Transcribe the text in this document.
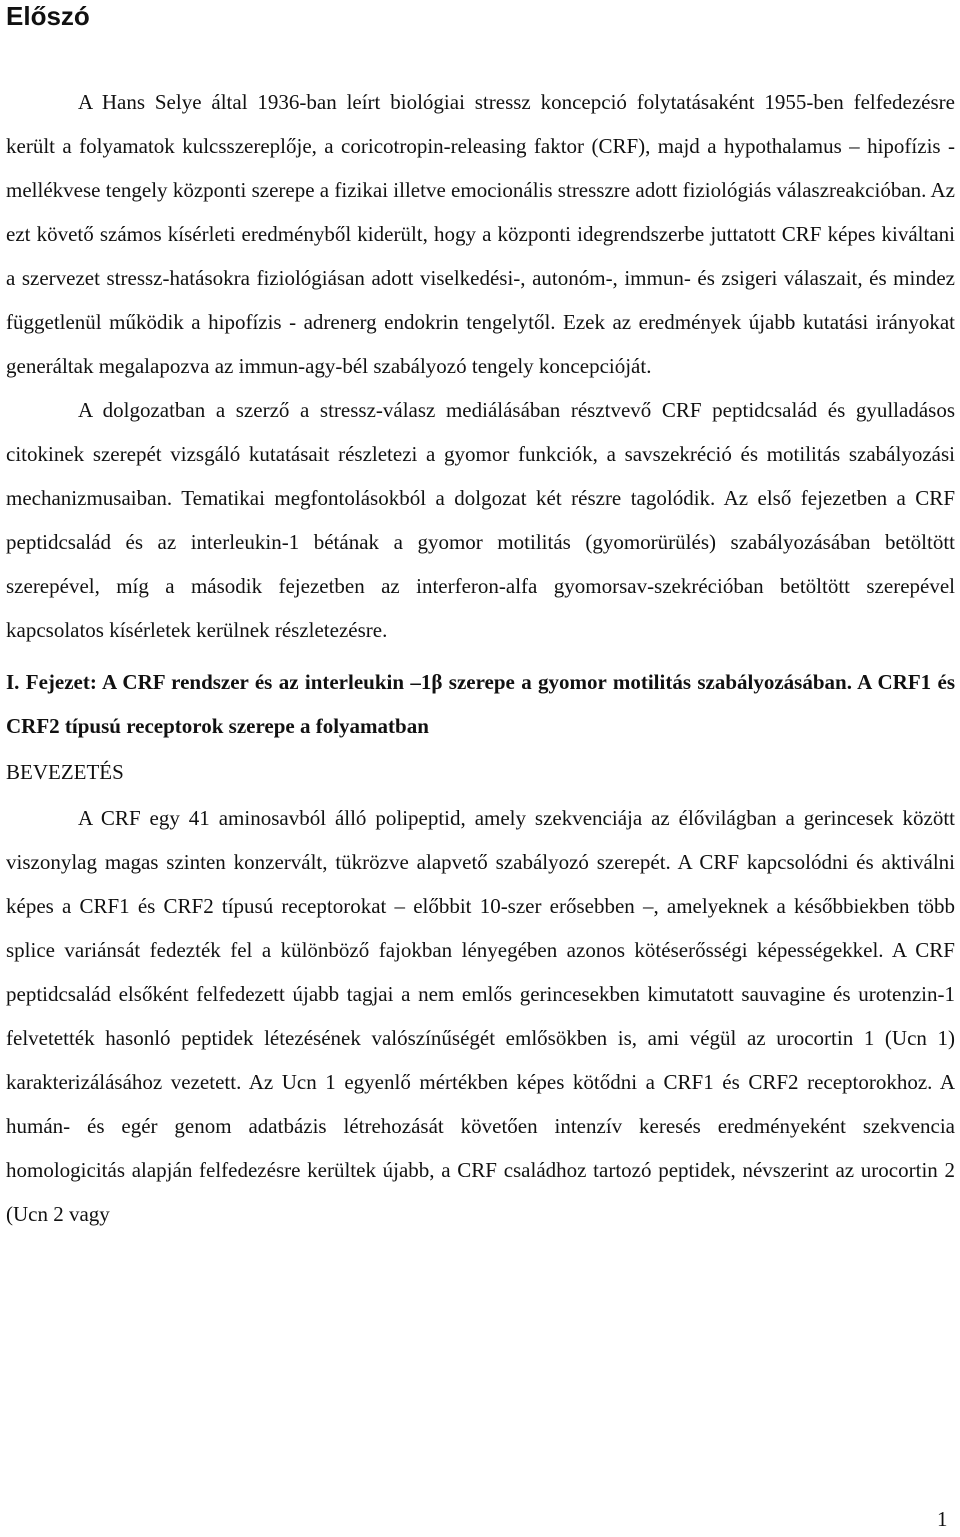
Előszó

A Hans Selye által 1936-ban leírt biológiai stressz koncepció folytatásaként 1955-ben felfedezésre került a folyamatok kulcsszereplője, a coricotropin-releasing faktor (CRF), majd a hypothalamus – hipofízis - mellékvese tengely központi szerepe a fizikai illetve emocionális stresszre adott fiziológiás válaszreakcióban. Az ezt követő számos kísérleti eredményből kiderült, hogy a központi idegrendszerbe juttatott CRF képes kiváltani a szervezet stressz-hatásokra fiziológiásan adott viselkedési-, autonóm-, immun- és zsigeri válaszait, és mindez függetlenül működik a hipofízis - adrenerg endokrin tengelytől. Ezek az eredmények újabb kutatási irányokat generáltak megalapozva az immun-agy-bél szabályozó tengely koncepcióját.

A dolgozatban a szerző a stressz-válasz mediálásában résztvevő CRF peptidcsalád és gyulladásos citokinek szerepét vizsgáló kutatásait részletezi a gyomor funkciók, a savszekréció és motilitás szabályozási mechanizmusaiban. Tematikai megfontolásokból a dolgozat két részre tagolódik. Az első fejezetben a CRF peptidcsalád és az interleukin-1 bétának a gyomor motilitás (gyomorürülés) szabályozásában betöltött szerepével, míg a második fejezetben az interferon-alfa gyomorsav-szekrécióban betöltött szerepével kapcsolatos kísérletek kerülnek részletezésre.

I. Fejezet: A CRF rendszer és az interleukin –1β szerepe a gyomor motilitás szabályozásában. A CRF1 és CRF2 típusú receptorok szerepe a folyamatban

BEVEZETÉS

A CRF egy 41 aminosavból álló polipeptid, amely szekvenciája az élővilágban a gerincesek között viszonylag magas szinten konzervált, tükrözve alapvető szabályozó szerepét. A CRF kapcsolódni és aktiválni képes a CRF1 és CRF2 típusú receptorokat – előbbit 10-szer erősebben –, amelyeknek a későbbiekben több splice variánsát fedezték fel a különböző fajokban lényegében azonos kötéserősségi képességekkel. A CRF peptidcsalád elsőként felfedezett újabb tagjai a nem emlős gerincesekben kimutatott sauvagine és urotenzin-1 felvetették hasonló peptidek létezésének valószínűségét emlősökben is, ami végül az urocortin 1 (Ucn 1) karakterizálásához vezetett. Az Ucn 1 egyenlő mértékben képes kötődni a CRF1 és CRF2 receptorokhoz. A humán- és egér genom adatbázis létrehozását követően intenzív keresés eredményeként szekvencia homologicitás alapján felfedezésre kerültek újabb, a CRF családhoz tartozó peptidek, névszerint az urocortin 2 (Ucn 2 vagy

1
